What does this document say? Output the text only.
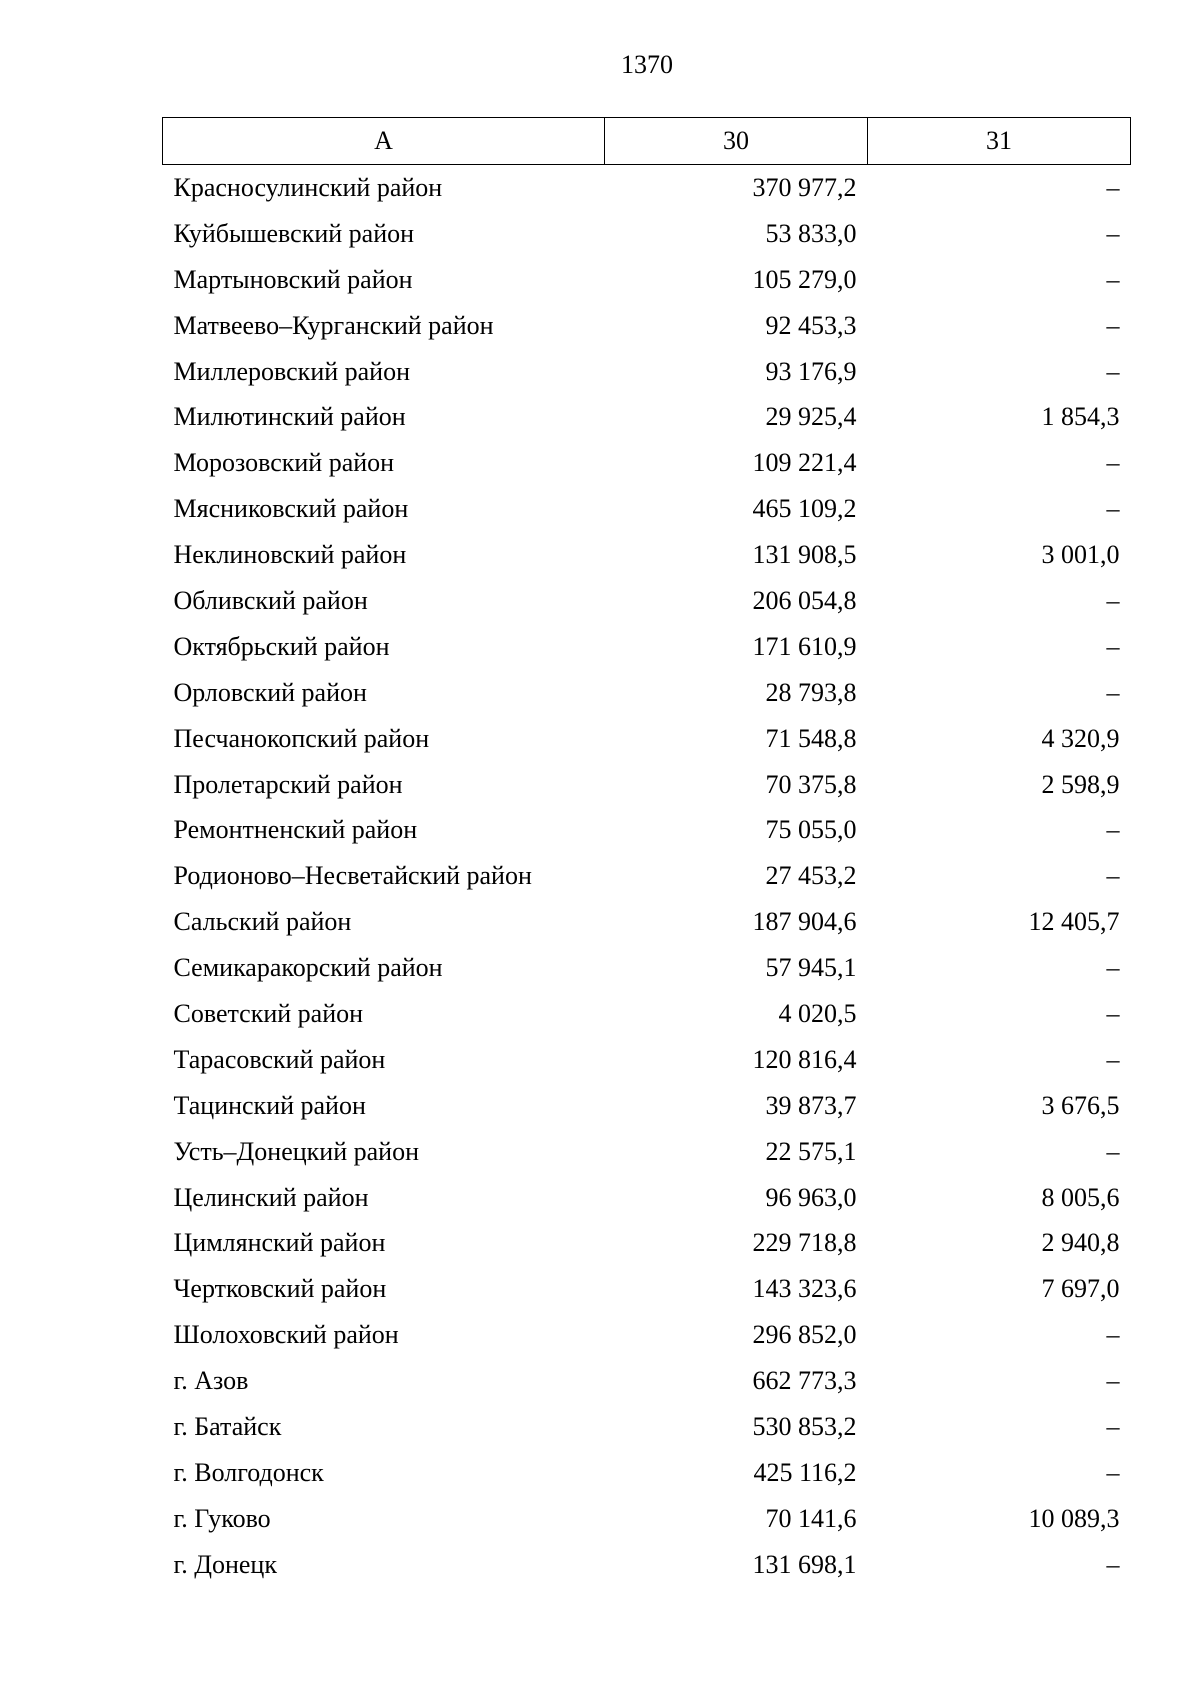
1370
А	30	31
Красносулинский район	370 977,2	–
Куйбышевский район	53 833,0	–
Мартыновский район	105 279,0	–
Матвеево–Курганский район	92 453,3	–
Миллеровский район	93 176,9	–
Милютинский район	29 925,4	1 854,3
Морозовский район	109 221,4	–
Мясниковский район	465 109,2	–
Неклиновский район	131 908,5	3 001,0
Обливский район	206 054,8	–
Октябрьский район	171 610,9	–
Орловский район	28 793,8	–
Песчанокопский район	71 548,8	4 320,9
Пролетарский район	70 375,8	2 598,9
Ремонтненский район	75 055,0	–
Родионово–Несветайский район	27 453,2	–
Сальский район	187 904,6	12 405,7
Семикаракорский район	57 945,1	–
Советский район	4 020,5	–
Тарасовский район	120 816,4	–
Тацинский район	39 873,7	3 676,5
Усть–Донецкий район	22 575,1	–
Целинский район	96 963,0	8 005,6
Цимлянский район	229 718,8	2 940,8
Чертковский район	143 323,6	7 697,0
Шолоховский район	296 852,0	–
г. Азов	662 773,3	–
г. Батайск	530 853,2	–
г. Волгодонск	425 116,2	–
г. Гуково	70 141,6	10 089,3
г. Донецк	131 698,1	–
